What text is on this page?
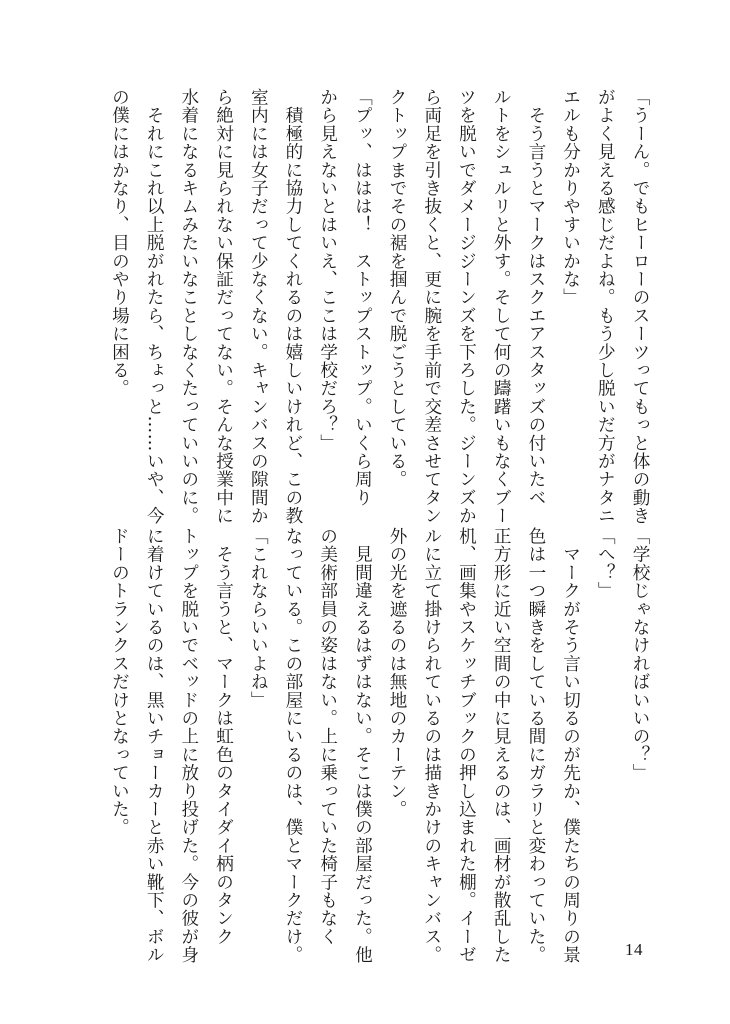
「うーん。でもヒーローのスーツってもっと体の動き
がよく見える感じだよね。もう少し脱いだ方がナタニ
エルも分かりやすいかな」
　そう言うとマークはスクエアスタッズの付いたベ
ルトをシュルリと外す。そして何の躊躇いもなくブー
ツを脱いでダメージジーンズを下ろした。ジーンズか
ら両足を引き抜くと、更に腕を手前で交差させてタン
クトップまでその裾を掴んで脱ごうとしている。
「プッ、ははは！　ストップストップ。いくら周り
から見えないとはいえ、ここは学校だろ？」
　積極的に協力してくれるのは嬉しいけれど、この教
室内には女子だって少なくない。キャンバスの隙間か
ら絶対に見られない保証だってない。そんな授業中に
水着になるキムみたいなことしなくたっていいのに。
　それにこれ以上脱がれたら、ちょっと……いや、今
の僕にはかなり、目のやり場に困る。
「学校じゃなければいいの？」
「へ？」
　マークがそう言い切るのが先か、僕たちの周りの景
色は一つ瞬きをしている間にガラリと変わっていた。
正方形に近い空間の中に見えるのは、画材が散乱した
机、画集やスケッチブックの押し込まれた棚。イーゼ
ルに立て掛けられているのは描きかけのキャンバス。
外の光を遮るのは無地のカーテン。
　見間違えるはずはない。そこは僕の部屋だった。他
の美術部員の姿はない。上に乗っていた椅子もなく
なっている。この部屋にいるのは、僕とマークだけ。
「これならいいよね」
　そう言うと、マークは虹色のタイダイ柄のタンク
トップを脱いでベッドの上に放り投げた。今の彼が身
に着けているのは、黒いチョーカーと赤い靴下、ボル
ドーのトランクスだけとなっていた。
14
